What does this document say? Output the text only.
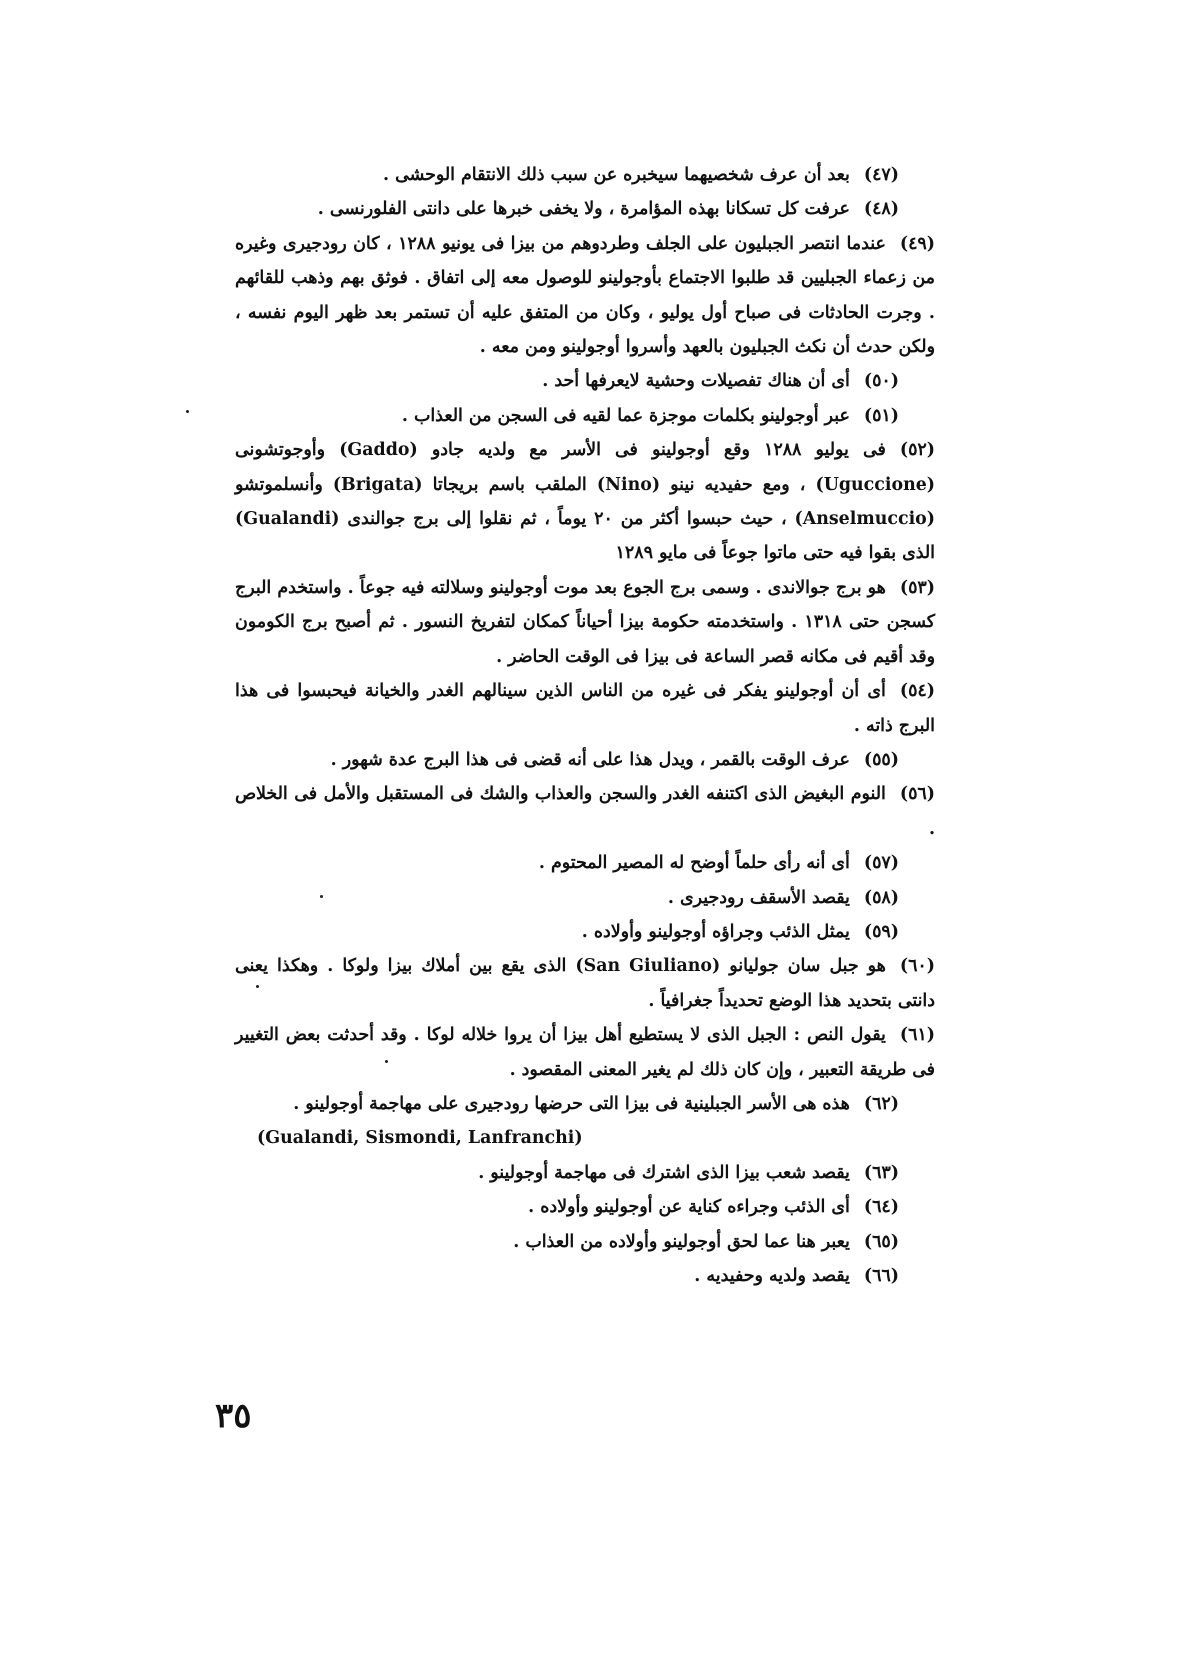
(٤٧)بعد أن عرف شخصيهما سيخبره عن سبب ذلك الانتقام الوحشى .

(٤٨)عرفت كل تسكانا بهذه المؤامرة ، ولا يخفى خبرها على دانتى الفلورنسى .

(٤٩)عندما انتصر الجبليون على الجلف وطردوهم من بيزا فى يونيو ١٢٨٨ ، كان رودجيرى وغيره من زعماء الجبليين قد طلبوا الاجتماع بأوجولينو للوصول معه إلى اتفاق . فوثق بهم وذهب للقائهم . وجرت الحادثات فى صباح أول يوليو ، وكان من المتفق عليه أن تستمر بعد ظهر اليوم نفسه ، ولكن حدث أن نكث الجبليون بالعهد وأسروا أوجولينو ومن معه .

(٥٠)أى أن هناك تفصيلات وحشية لايعرفها أحد .

(٥١)عبر أوجولينو بكلمات موجزة عما لقيه فى السجن من العذاب .

(٥٢)فى يوليو ١٢٨٨ وقع أوجولينو فى الأسر مع ولديه جادو (Gaddo) وأوجوتشونى (Uguccione) ، ومع حفيديه نينو (Nino) الملقب باسم بريجاتا (Brigata) وأنسلموتشو (Anselmuccio) ، حيث حبسوا أكثر من ٢٠ يوماً ، ثم نقلوا إلى برج جوالندى (Gualandi) الذى بقوا فيه حتى ماتوا جوعاً فى مايو ١٢٨٩

(٥٣)هو برج جوالاندى . وسمى برج الجوع بعد موت أوجولينو وسلالته فيه جوعاً . واستخدم البرج كسجن حتى ١٣١٨ . واستخدمته حكومة بيزا أحياناً كمكان لتفريخ النسور . ثم أصبح برج الكومون وقد أقيم فى مكانه قصر الساعة فى بيزا فى الوقت الحاضر .

(٥٤)أى أن أوجولينو يفكر فى غيره من الناس الذين سينالهم الغدر والخيانة فيحبسوا فى هذا البرج ذاته .

(٥٥)عرف الوقت بالقمر ، ويدل هذا على أنه قضى فى هذا البرج عدة شهور .

(٥٦)النوم البغيض الذى اكتنفه الغدر والسجن والعذاب والشك فى المستقبل والأمل فى الخلاص .

(٥٧)أى أنه رأى حلماً أوضح له المصير المحتوم .

(٥٨)يقصد الأسقف رودجيرى .

(٥٩)يمثل الذئب وجراؤه أوجولينو وأولاده .

(٦٠)هو جبل سان جوليانو (San Giuliano) الذى يقع بين أملاك بيزا ولوكا . وهكذا يعنى دانتى بتحديد هذا الوضع تحديداً جغرافياً .

(٦١)يقول النص : الجبل الذى لا يستطيع أهل بيزا أن يروا خلاله لوكا . وقد أحدثت بعض التغيير فى طريقة التعبير ، وإن كان ذلك لم يغير المعنى المقصود .

(٦٢)هذه هى الأسر الجبلينية فى بيزا التى حرضها رودجيرى على مهاجمة أوجولينو .

(Gualandi, Sismondi, Lanfranchi)

(٦٣)يقصد شعب بيزا الذى اشترك فى مهاجمة أوجولينو .

(٦٤)أى الذئب وجراءه كناية عن أوجولينو وأولاده .

(٦٥)يعبر هنا عما لحق أوجولينو وأولاده من العذاب .

(٦٦)يقصد ولديه وحفيديه .

٣٥
